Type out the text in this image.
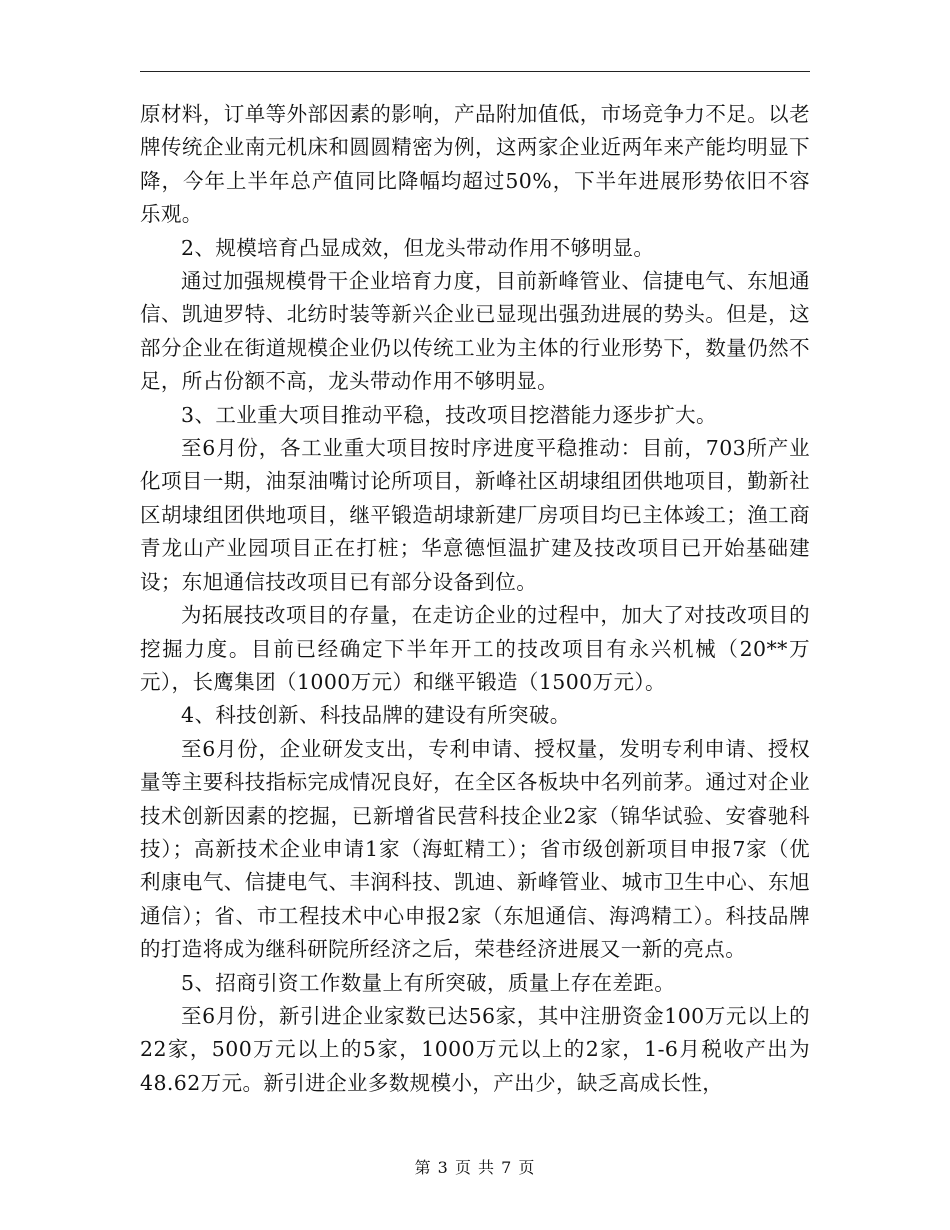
原材料，订单等外部因素的影响，产品附加值低，市场竞争力不足。以老牌传统企业南元机床和圆圆精密为例，这两家企业近两年来产能均明显下降，今年上半年总产值同比降幅均超过50%，下半年进展形势依旧不容乐观。

2、规模培育凸显成效，但龙头带动作用不够明显。

通过加强规模骨干企业培育力度，目前新峰管业、信捷电气、东旭通信、凯迪罗特、北纺时装等新兴企业已显现出强劲进展的势头。但是，这部分企业在街道规模企业仍以传统工业为主体的行业形势下，数量仍然不足，所占份额不高，龙头带动作用不够明显。

3、工业重大项目推动平稳，技改项目挖潜能力逐步扩大。

至6月份，各工业重大项目按时序进度平稳推动：目前，703所产业化项目一期，油泵油嘴讨论所项目，新峰社区胡埭组团供地项目，勤新社区胡埭组团供地项目，继平锻造胡埭新建厂房项目均已主体竣工；渔工商青龙山产业园项目正在打桩；华意德恒温扩建及技改项目已开始基础建设；东旭通信技改项目已有部分设备到位。

为拓展技改项目的存量，在走访企业的过程中，加大了对技改项目的挖掘力度。目前已经确定下半年开工的技改项目有永兴机械（20**万元），长鹰集团（1000万元）和继平锻造（1500万元）。

4、科技创新、科技品牌的建设有所突破。

至6月份，企业研发支出，专利申请、授权量，发明专利申请、授权量等主要科技指标完成情况良好，在全区各板块中名列前茅。通过对企业技术创新因素的挖掘，已新增省民营科技企业2家（锦华试验、安睿驰科技）；高新技术企业申请1家（海虹精工）；省市级创新项目申报7家（优利康电气、信捷电气、丰润科技、凯迪、新峰管业、城市卫生中心、东旭通信）；省、市工程技术中心申报2家（东旭通信、海鸿精工）。科技品牌的打造将成为继科研院所经济之后，荣巷经济进展又一新的亮点。

5、招商引资工作数量上有所突破，质量上存在差距。

至6月份，新引进企业家数已达56家，其中注册资金100万元以上的22家，500万元以上的5家，1000万元以上的2家，1-6月税收产出为48.62万元。新引进企业多数规模小，产出少，缺乏高成长性，

第 3 页 共 7 页
